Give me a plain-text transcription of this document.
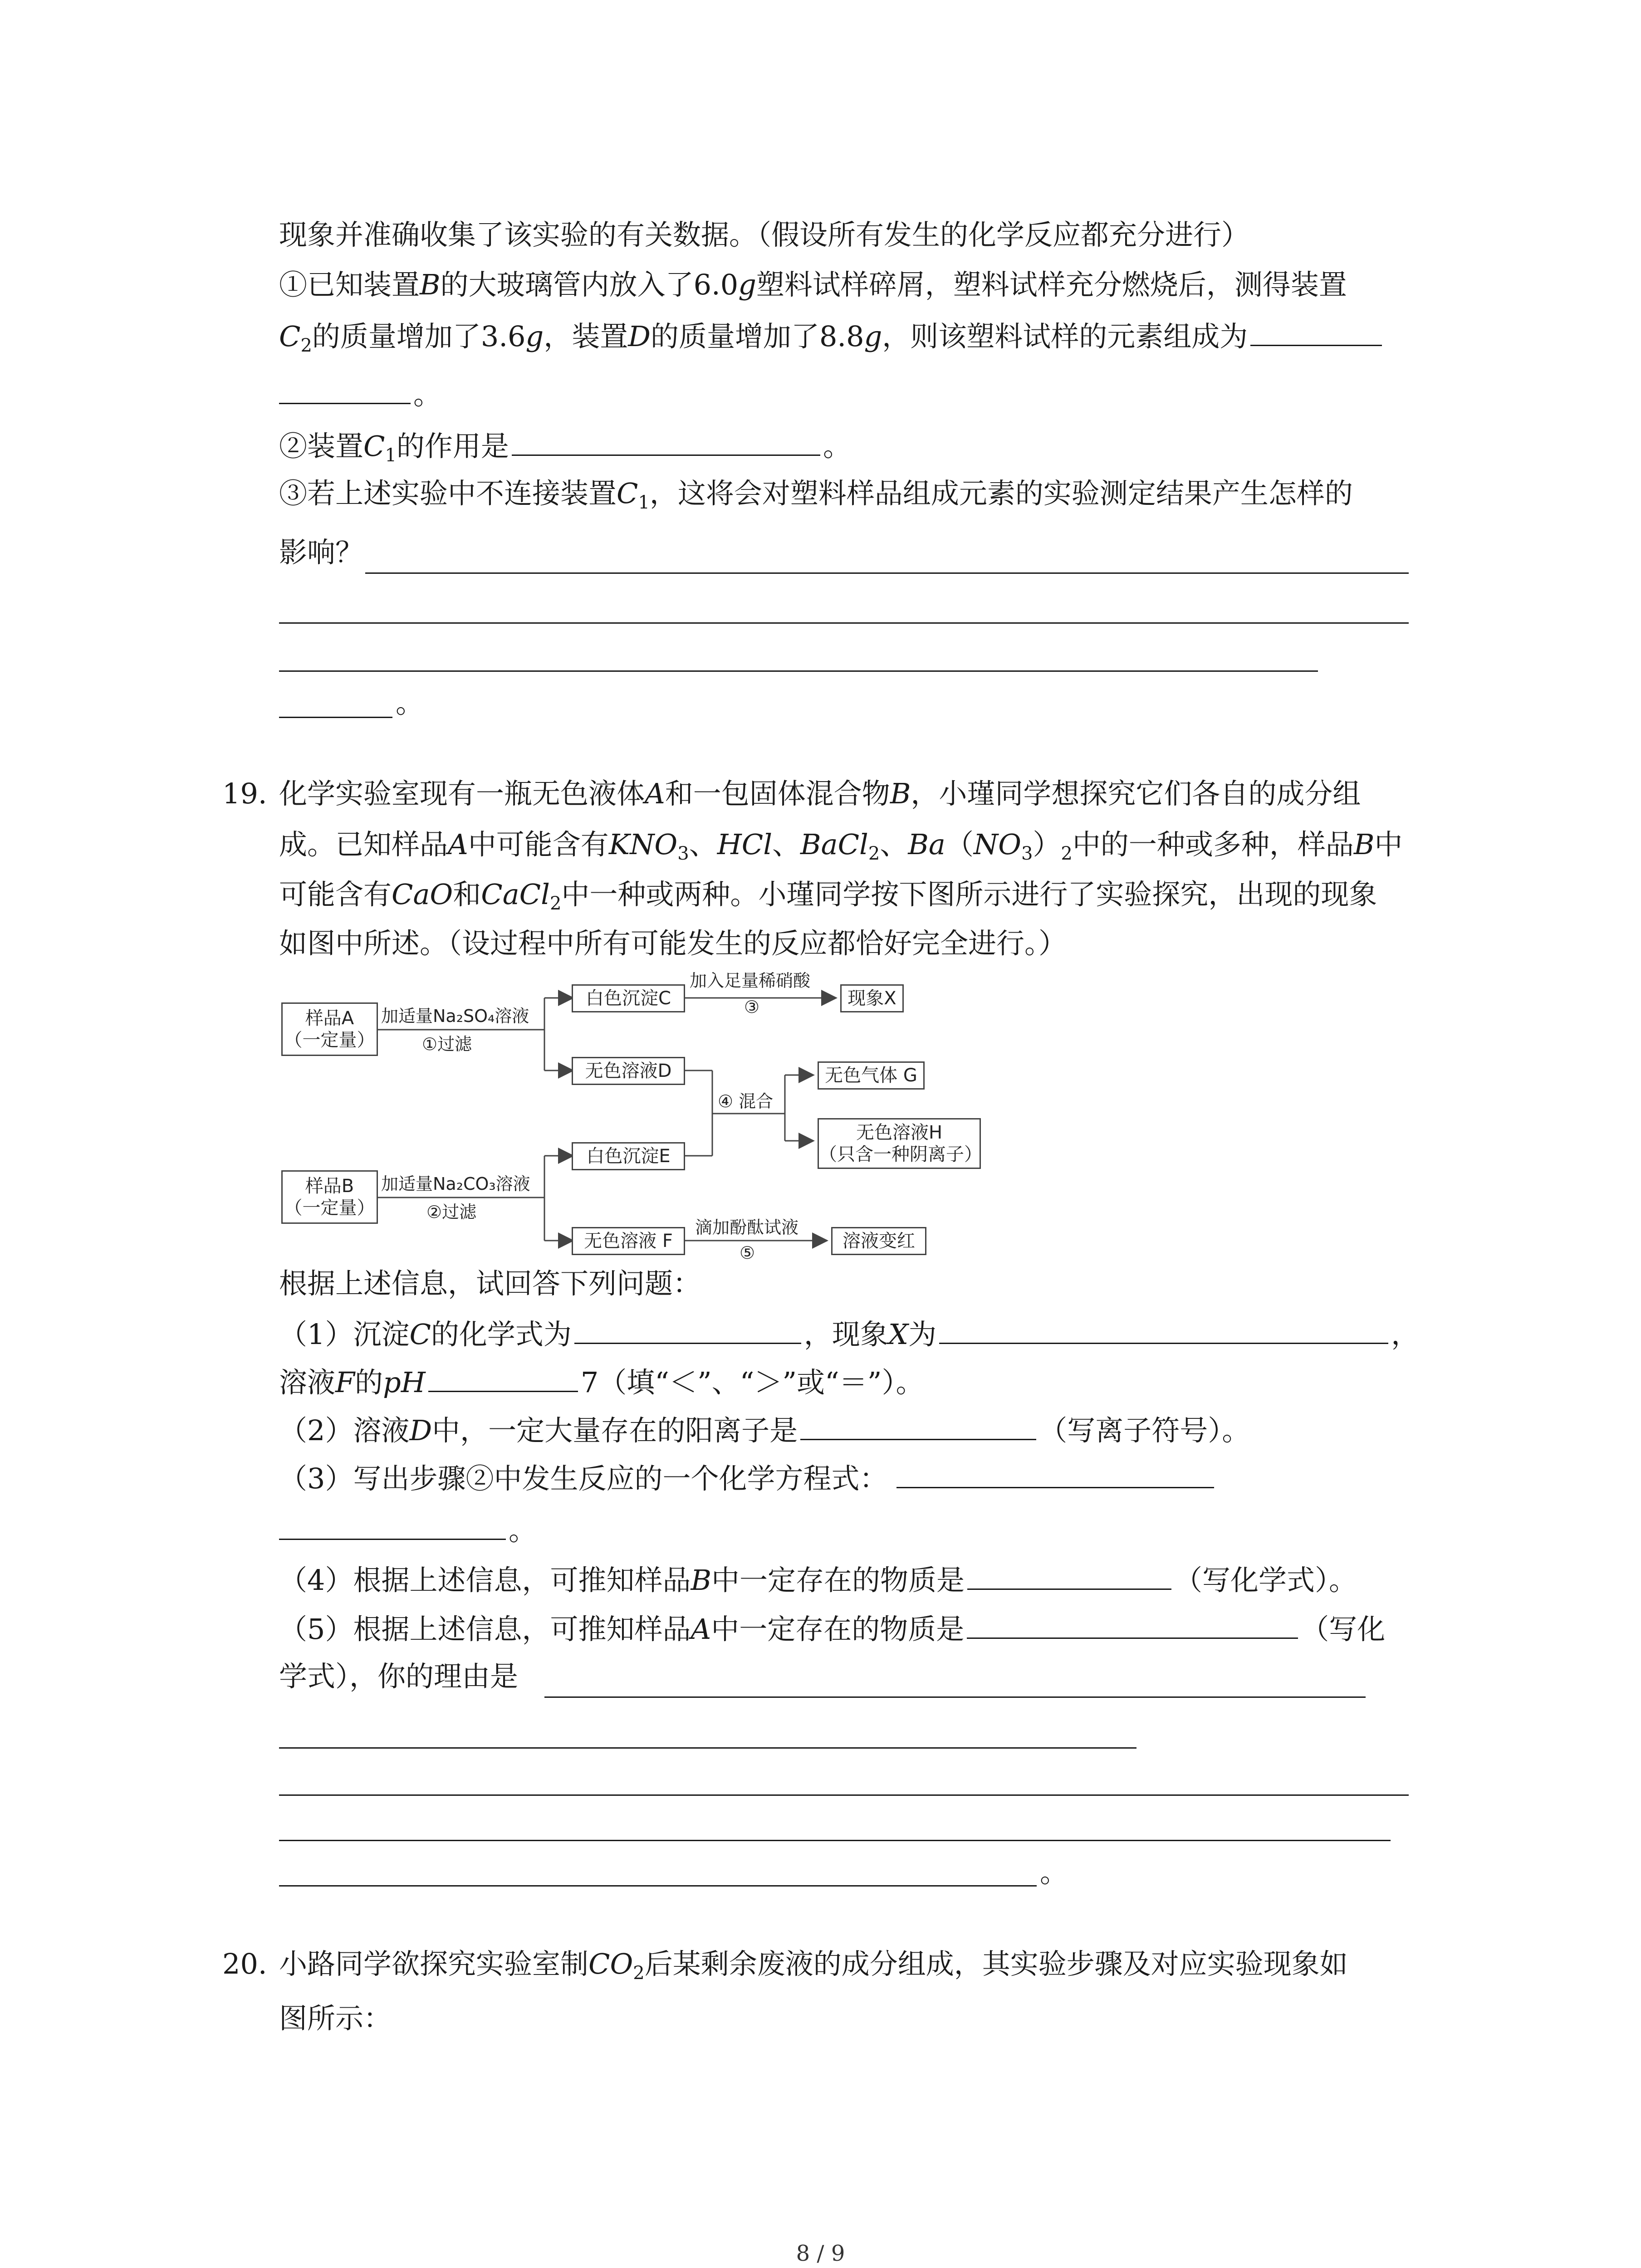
现象并准确收集了该实验的有关数据。（假设所有发生的化学反应都充分进行）
①已知装置B的大玻璃管内放入了6.0g塑料试样碎屑，塑料试样充分燃烧后，测得装置
$C_2$的质量增加了3.6g，装置D的质量增加了8.8g，则该塑料试样的元素组成为
。
②装置$C_1$的作用是	。
③若上述实验中不连接装置$C_1$，这将会对塑料样品组成元素的实验测定结果产生怎样的
影响？
。
19. 化学实验室现有一瓶无色液体A和一包固体混合物B，小瑾同学想探究它们各自的成分组
成。已知样品A中可能含有$KNO_3$、HCl、BaCl$_2$、$Ba(NO_3)_2$中的一种或多种，样品B中
可能含有CaO和CaCl$_2$中一种或两种。小瑾同学按下图所示进行了实验探究，出现的现象
如图中所述。（设过程中所有可能发生的反应都恰好完全进行。）
样品A
（一定量）
加适量Na₂SO₄溶液
①过滤
白色沉淀C
加入足量稀硝酸
③	现象X
无色溶液D
④ 混合
无色气体 G
无色溶液H
（只含一种阴离子）
白色沉淀E
样品B
（一定量）
加适量Na₂CO₃溶液
②过滤
无色溶液 F
滴加酚酞试液
⑤
溶液变红
根据上述信息，试回答下列问题：
（1）沉淀C的化学式为	，现象X为	，
溶液F的pH	7（填“＜”、“＞”或“＝”）。
（2）溶液D中，一定大量存在的阳离子是	（写离子符号）。
（3）写出步骤②中发生反应的一个化学方程式：
。
（4）根据上述信息，可推知样品B中一定存在的物质是	（写化学式）。
（5）根据上述信息，可推知样品A中一定存在的物质是	（写化
学式），你的理由是
。
20. 小路同学欲探究实验室制$CO_2$后某剩余废液的成分组成，其实验步骤及对应实验现象如
图所示：
8 / 9
